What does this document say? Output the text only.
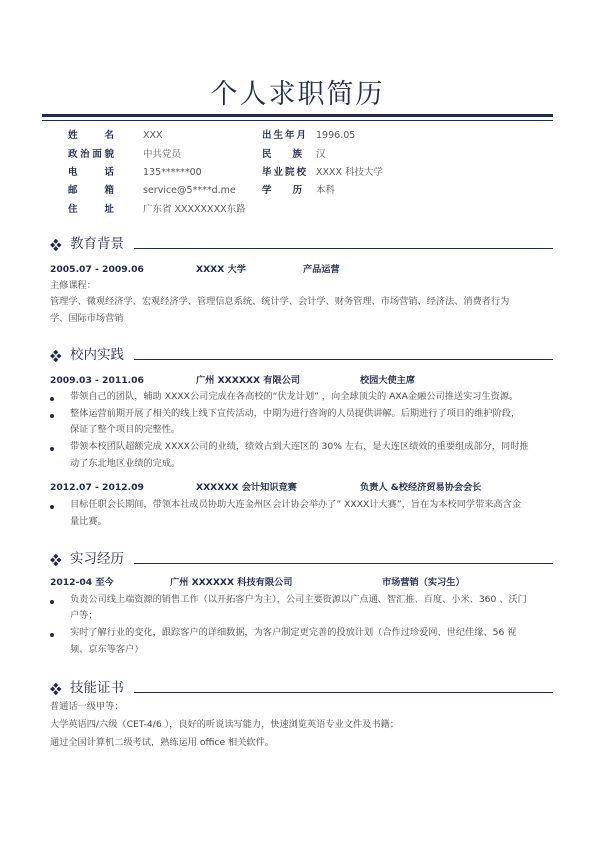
个人求职简历
姓名	XXX	出生年月 1996.05
政治面貌	中共党员	民族 汉
电话	135******00	毕业院校 XXXX 科技大学
邮箱	service@5****d.me	学历 本科
住址	广东省 XXXXXXXX东路
教育背景
2005.07 - 2009.06	XXXX 大学	产品运营
主修课程：
管理学、微观经济学、宏观经济学、管理信息系统、统计学、会计学、财务管理、市场营销、经济法、消费者行为
学、国际市场营销
校内实践
2009.03 - 2011.06	广州 XXXXXX 有限公司	校园大使主席
带领自己的团队，辅助 XXXX公司完成在各高校的“伏龙计划” ，向全球顶尖的 AXA金融公司推送实习生资源。
整体运营前期开展了相关的线上线下宣传活动，中期为进行咨询的人员提供讲解。后期进行了项目的维护阶段，
保证了整个项目的完整性。
带领本校团队超额完成 XXXX公司的业绩，绩效占到大连区的 30% 左右，是大连区绩效的重要组成部分，同时推
动了东北地区业绩的完成。
2012.07 - 2012.09	XXXXXX 会计知识竞赛	负责人 &校经济贸易协会会长
目标任职会长期间，带领本社成员协助大连金州区会计协会举办了” XXXX计大赛”，旨在为本校同学带来高含金
量比赛。
实习经历
2012-04 至今	广州 XXXXXX 科技有限公司	市场营销（实习生）
负责公司线上端资源的销售工作（以开拓客户为主），公司主要资源以广点通、智汇推、百度、小米、360 、沃门
户等；
实时了解行业的变化，跟踪客户的详细数据，为客户制定更完善的投放计划（合作过珍爱网、世纪佳缘、56 视
频、京东等客户）
技能证书
普通话一级甲等；
大学英语四/六级（CET-4/6 ），良好的听说读写能力，快速浏览英语专业文件及书籍；
通过全国计算机二级考试，熟练运用 office 相关软件。
